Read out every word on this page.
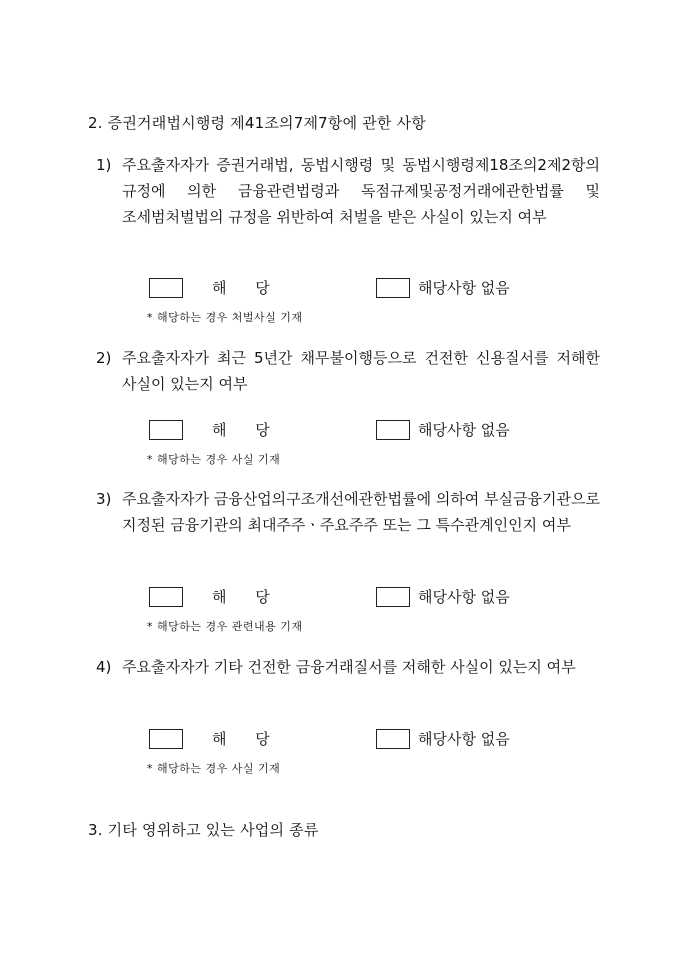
2. 증권거래법시행령 제41조의7제7항에 관한 사항
1) 주요출자자가 증권거래법, 동법시행령 및 동법시행령제18조의2제2항의 규정에 의한 금융관련법령과 독점규제및공정거래에관한법률 및 조세범처벌법의 규정을 위반하여 처벌을 받은 사실이 있는지 여부
해 당	해당사항 없음
* 해당하는 경우 처벌사실 기재
2) 주요출자자가 최근 5년간 채무불이행등으로 건전한 신용질서를 저해한 사실이 있는지 여부
해 당	해당사항 없음
* 해당하는 경우 사실 기재
3) 주요출자자가 금융산업의구조개선에관한법률에 의하여 부실금융기관으로 지정된 금융기관의 최대주주ㆍ주요주주 또는 그 특수관계인인지 여부
해 당	해당사항 없음
* 해당하는 경우 관련내용 기재
4) 주요출자자가 기타 건전한 금융거래질서를 저해한 사실이 있는지 여부
해 당	해당사항 없음
* 해당하는 경우 사실 기재
3. 기타 영위하고 있는 사업의 종류
